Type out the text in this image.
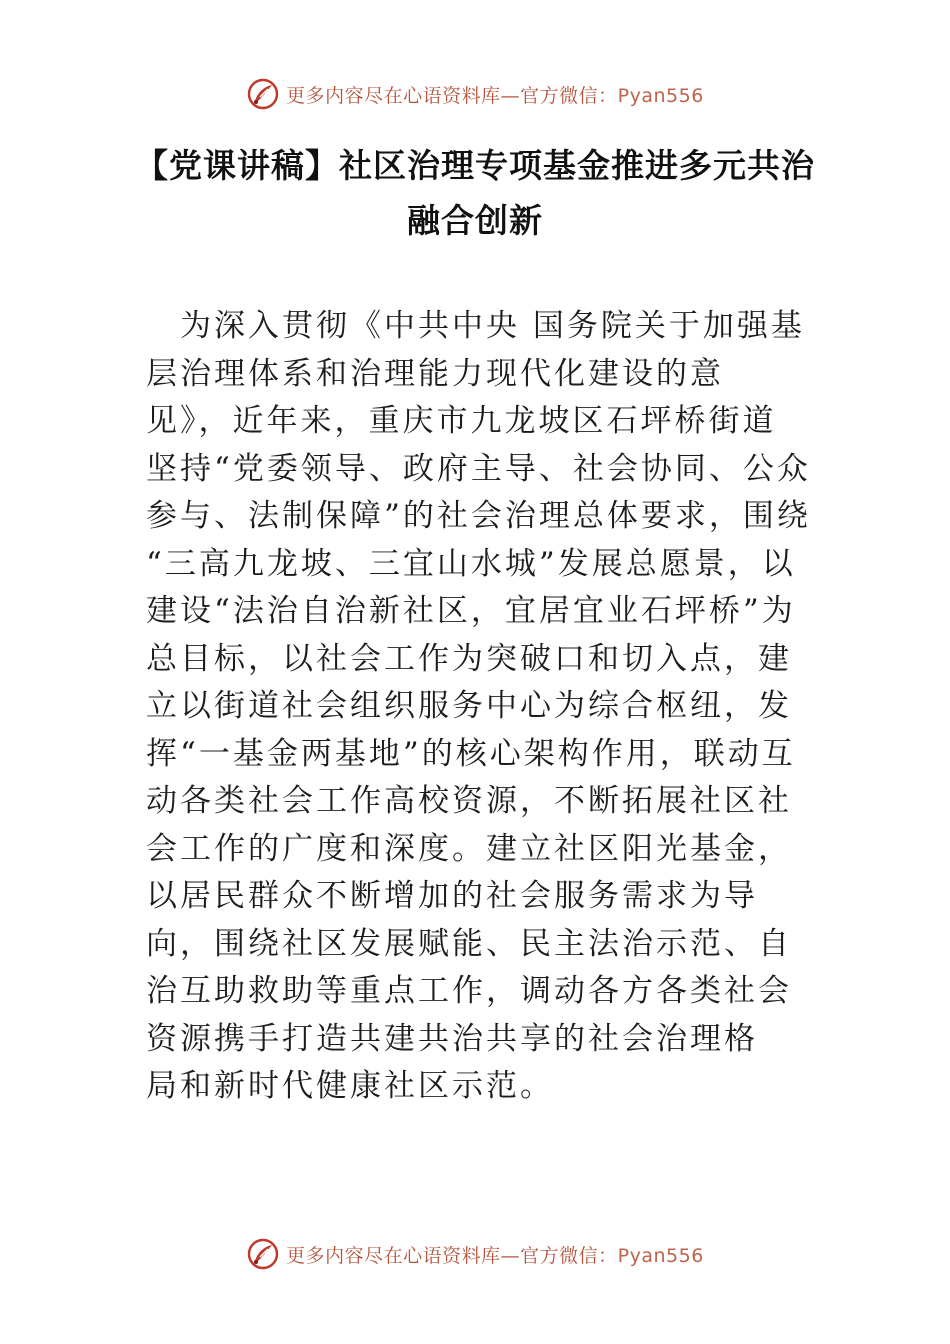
更多内容尽在心语资料库—官方微信：Pyan556
【党课讲稿】社区治理专项基金推进多元共治
融合创新
　为深入贯彻《中共中央 国务院关于加强基
层治理体系和治理能力现代化建设的意
见》，近年来，重庆市九龙坡区石坪桥街道
坚持“党委领导、政府主导、社会协同、公众
参与、法制保障”的社会治理总体要求，围绕
“三高九龙坡、三宜山水城”发展总愿景，以
建设“法治自治新社区，宜居宜业石坪桥”为
总目标，以社会工作为突破口和切入点，建
立以街道社会组织服务中心为综合枢纽，发
挥“一基金两基地”的核心架构作用，联动互
动各类社会工作高校资源，不断拓展社区社
会工作的广度和深度。建立社区阳光基金，
以居民群众不断增加的社会服务需求为导
向，围绕社区发展赋能、民主法治示范、自
治互助救助等重点工作，调动各方各类社会
资源携手打造共建共治共享的社会治理格
局和新时代健康社区示范。
更多内容尽在心语资料库—官方微信：Pyan556
